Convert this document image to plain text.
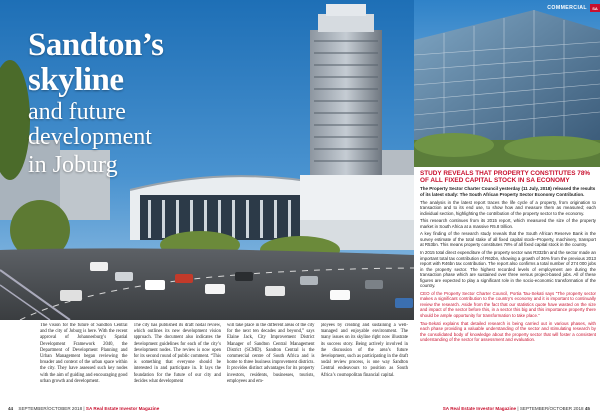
Sandton’s skyline
and future development
in Joburg
The vision for the future of Sandton Central and the city of Joburg is here. With the recent approval of Johannesburg’s Spatial Development Framework 2040, the Department of Development Planning and Urban Management began reviewing the broader and context of the urban space within the city. They have assessed such key nodes with the aim of guiding and encouraging good urban growth and development.
The city has published its draft nodal review, which outlines its new development vision approach. The document also indicates the development guidelines for each of the city’s development nodes. The review is now open for its second round of public comment. “This is something that everyone should be interested in and participate in. It lays the foundation for the future of our city and decides what development
will take place in the different areas of the city for the next ten decades and beyond,” says Elaine Jack, City Improvement District Manager of Sandton Central Management District (SCMD). Sandton Central is the commercial centre of South Africa and is home to three business improvement districts. It provides distinct advantages for its property investors, residents, businesses, tourists, employees and em-
ployees by creating and sustaining a well-managed and enjoyable environment. The many issues on its skyline right now illustrate its success story. Being actively involved in the discussion of the area’s future development, such as participating in the draft nodal review process, is one way Sandton Central endeavours to position as South Africa’s cosmopolitan financial capital.
44 SEPTEMBER/OCTOBER 2018 | SA Real Estate Investor Magazine
COMMERCIAL	SA
STUDY REVEALS THAT PROPERTY CONSTITUTES 78% OF ALL FIXED CAPITAL STOCK IN SA ECONOMY
The Property Sector Charter Council yesterday (11 July, 2018) released the results of its latest study: The South African Property Sector Economy Contribution.

The analysis in the latest report traces the life cycle of a property, from origination to transaction and to its end use, to show how and measure them as measured; each individual section, highlighting the contribution of the property sector to the economy.

This research continues from its 2015 report, which measured the size of the property market in South Africa at a massive R5.8 trillion.

A key finding of the research study reveals that the South African Reserve Bank in the survey estimate of the total stake of all fixed capital stock–Property, machinery, transport at R53bn. This means property constitutes 78% of all fixed capital stock in the country.

In 2015 total direct expenditure of the property sector was R332bn and the sector made an important total tax contribution of R62bn, showing a growth of 36% from the previous 2013 report with R46bn tax contribution. The report also confirms a total number of 274 000 jobs in the property sector. The highest recorded levels of employment are during the transaction phase which are sustained over three versus project-based jobs. All of these figures are expected to play a significant role in the socio-economic transformation of the country.

CEO of the Property Sector Charter Council, Portia Tau-Sekati says “The property sector makes a significant contribution to the country’s economy and it is important to continually review the research. Aside from the fact that our statistics quote have wasted on the size and impact of the sector before this, in a sector this big and this importance property there should be ample opportunity for transformation to take place.”

Tau-Sekati explains that detailed research is being carried out in various phases, with each phase providing a valuable understanding of the sector and stimulating research by the consolidated body of knowledge about the property sector that will foster a consistent understanding of the sector for assessment and evaluation.

SA Real Estate Investor Magazine | SEPTEMBER/OCTOBER 2018 45
